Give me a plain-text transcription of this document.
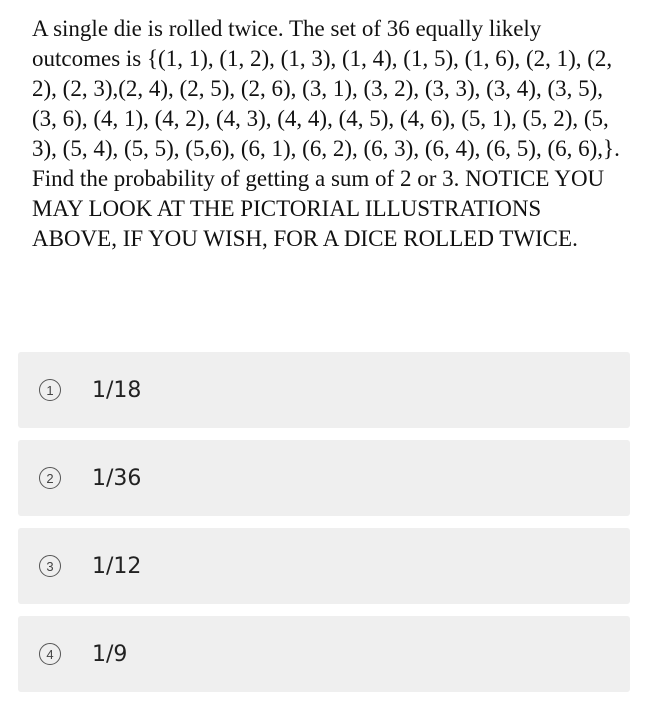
A single die is rolled twice. The set of 36 equally likely outcomes is {(1, 1), (1, 2), (1, 3), (1, 4), (1, 5), (1, 6), (2, 1), (2, 2), (2, 3),(2, 4), (2, 5), (2, 6), (3, 1), (3, 2), (3, 3), (3, 4), (3, 5), (3, 6), (4, 1), (4, 2), (4, 3), (4, 4), (4, 5), (4, 6), (5, 1), (5, 2), (5, 3), (5, 4), (5, 5), (5,6), (6, 1), (6, 2), (6, 3), (6, 4), (6, 5), (6, 6),}. Find the probability of getting a sum of 2 or 3. NOTICE YOU MAY LOOK AT THE PICTORIAL ILLUSTRATIONS ABOVE, IF YOU WISH, FOR A DICE ROLLED TWICE.

1	1/18
2	1/36
3	1/12
4	1/9
